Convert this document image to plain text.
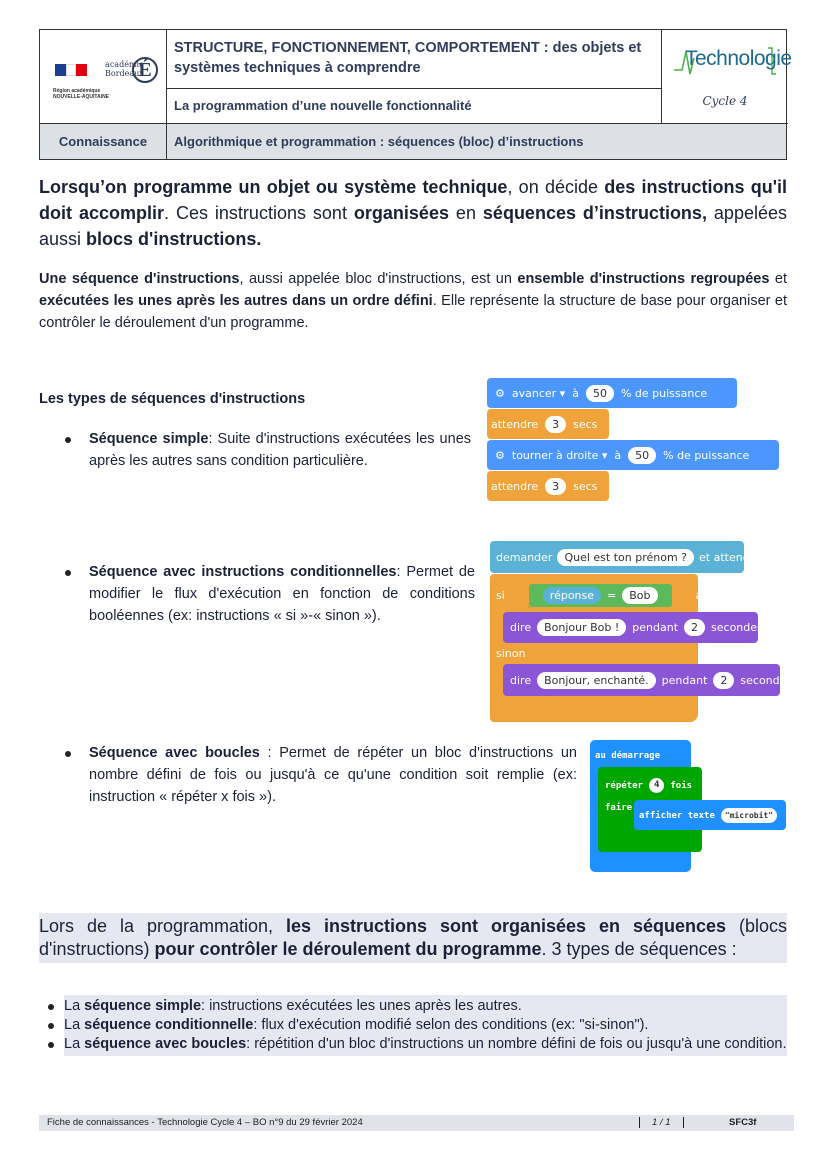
académie
Bordeaux
É
Région académique
NOUVELLE-AQUITAINE
STRUCTURE, FONCTIONNEMENT, COMPORTEMENT : des objets et systèmes techniques à comprendre
La programmation d’une nouvelle fonctionnalité
Technologie
Cycle 4
Connaissance	Algorithmique et programmation : séquences (bloc) d’instructions
Lorsqu’on programme un objet ou système technique, on décide des instructions qu'il doit accomplir. Ces instructions sont organisées en séquences d’instructions, appelées aussi blocs d'instructions.
Une séquence d'instructions, aussi appelée bloc d'instructions, est un ensemble d'instructions regroupées et exécutées les unes après les autres dans un ordre défini. Elle représente la structure de base pour organiser et contrôler le déroulement d'un programme.
Les types de séquences d'instructions
Séquence simple: Suite d'instructions exécutées les unes après les autres sans condition particulière.
Séquence avec instructions conditionnelles: Permet de modifier le flux d'exécution en fonction de conditions booléennes (ex: instructions « si »-« sinon »).
Séquence avec boucles : Permet de répéter un bloc d'instructions un nombre défini de fois ou jusqu'à ce qu'une condition soit remplie (ex: instruction « répéter x fois »).
⚙ avancer ▾ à	50	% de puissance
attendre	3	secs
⚙ tourner à droite ▾ à	50	% de puissance
attendre	3	secs
demander	Quel est ton prénom ?	et attendre
si	réponse	=	Bob	alors
sinon
dire	Bonjour Bob !	pendant	2	secondes
dire	Bonjour, enchanté.	pendant	2	secondes
au démarrage
répéter	4	fois
faire
afficher texte	"microbit"
Lors de la programmation, les instructions sont organisées en séquences (blocs d'instructions) pour contrôler le déroulement du programme. 3 types de séquences :
La séquence simple: instructions exécutées les unes après les autres.
La séquence conditionnelle: flux d'exécution modifié selon des conditions (ex: "si-sinon").
La séquence avec boucles: répétition d'un bloc d'instructions un nombre défini de fois ou jusqu'à une condition.
Fiche de connaissances - Technologie Cycle 4 – BO n°9 du 29 février 2024	1 / 1	SFC3f
